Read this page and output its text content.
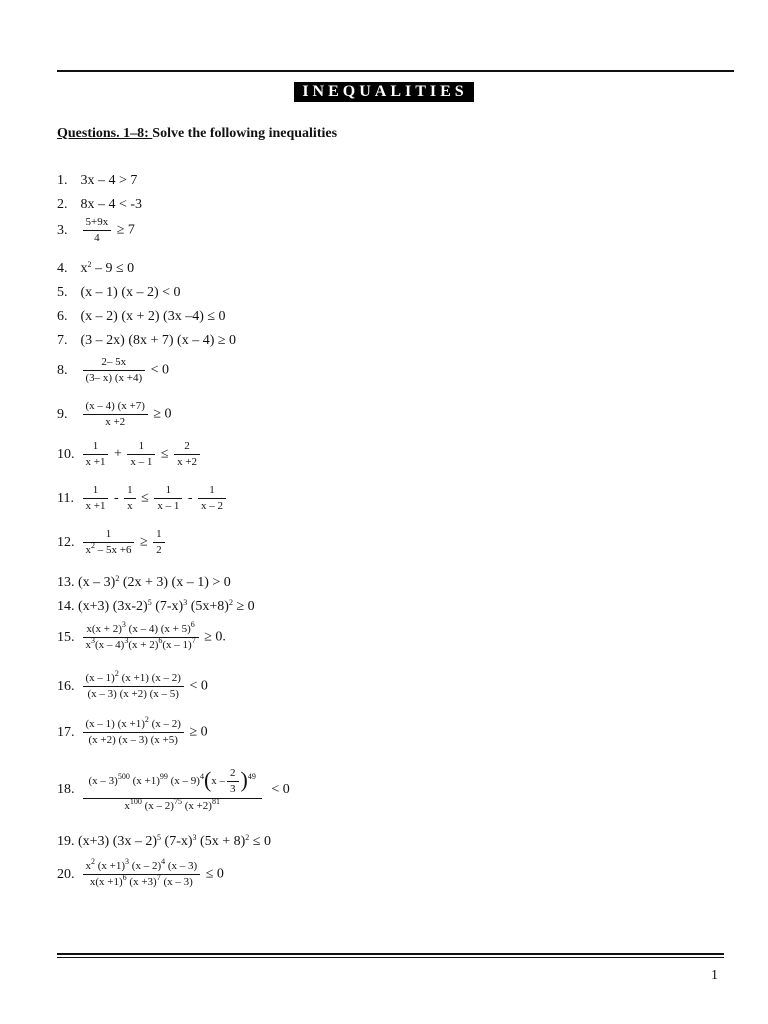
INEQUALITIES
Questions. 1–8: Solve the following inequalities
1. 3x – 4 > 7
2. 8x – 4 < -3
3. $\frac{5+9x}{4} \ge 7$
4. $x^2 - 9 \le 0$
5. (x – 1) (x – 2) < 0
6. (x – 2) (x + 2) (3x –4) ≤ 0
7. (3 – 2x) (8x + 7) (x – 4) ≥ 0
8. $\frac{2- 5x}{(3- x) (x +4)} < 0$
9. $\frac{(x - 4) (x +7)}{x +2} \ge 0$
10. $\frac{1}{x +1} + \frac{1}{x - 1} \le \frac{2}{x +2}$
11. $\frac{1}{x +1} - \frac{1}{x} \le \frac{1}{x - 1} - \frac{1}{x - 2}$
12. $\frac{1}{x^2 - 5x +6} \ge \frac{1}{2}$
13. (x – 3)$^2$ (2x + 3) (x – 1) > 0
14. (x+3) $(3x-2)^5$ $(7-x)^3$ $(5x+8)^2 \ge 0$
15. $\frac{x(x + 2)^3 (x - 4) (x + 5)^6}{x^3(x - 4)^3(x + 2)^6(x - 1)^7} \ge 0$.
16. $\frac{(x - 1)^2 (x +1) (x - 2)}{(x - 3) (x +2) (x - 5)} < 0$
17. $\frac{(x - 1) (x +1)^2 (x - 2)}{(x +2) (x - 3) (x +5)} \ge 0$
18. $\frac{(x - 3)^{500} (x +1)^{99} (x - 9)^4(x - \frac{2}{3} )^{49}}{x^{100} (x - 2)^{75} (x +2)^{81}} < 0$
19. (x+3) (3x – 2)$^5$ $(7-x)^3$ $(5x + 8)^2 \le 0$
20. $\frac{x^2 (x +1)^3 (x - 2)^4 (x - 3)}{x(x +1)^6 (x +3)^7 (x - 3)} \le 0$
1
